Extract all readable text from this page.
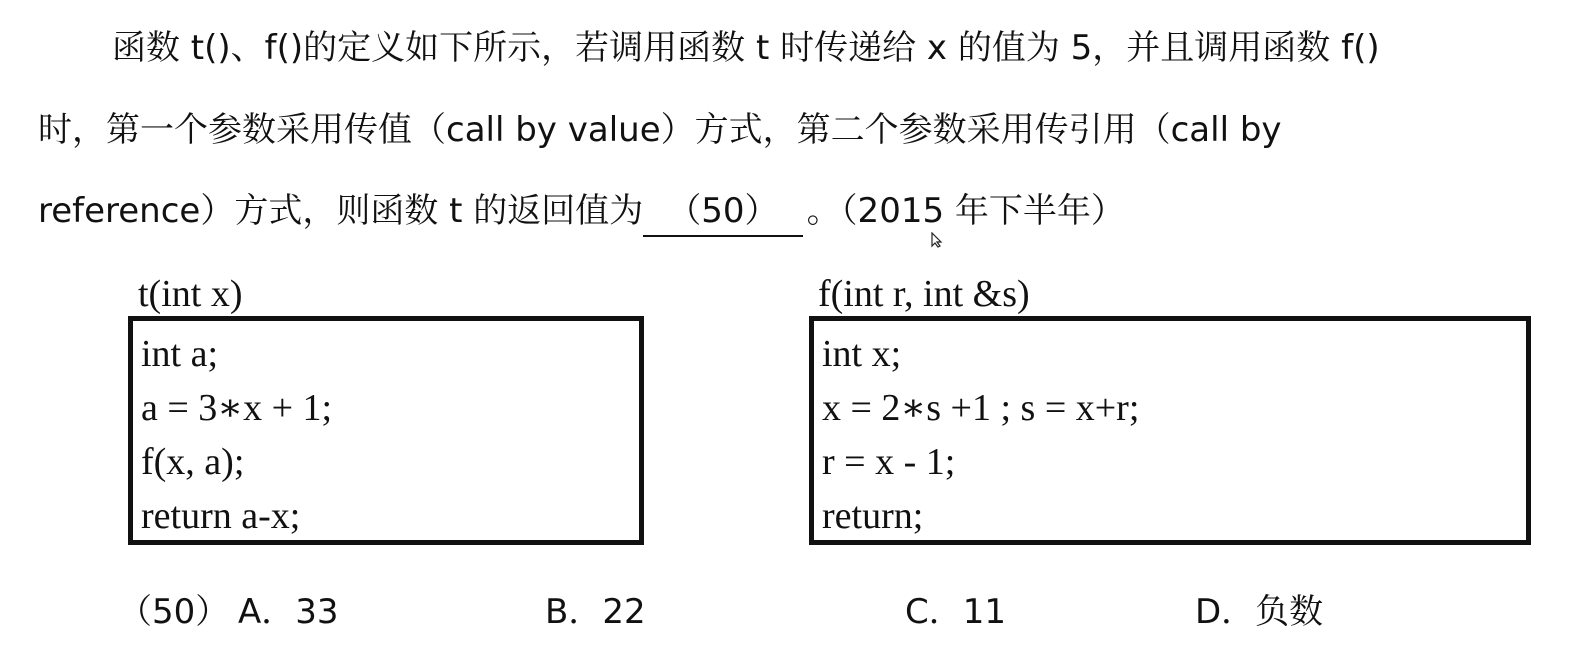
函数 t()、f()的定义如下所示，若调用函数 t 时传递给 x 的值为 5，并且调用函数 f()
时，第一个参数采用传值（call by value）方式，第二个参数采用传引用（call by
reference）方式，则函数 t 的返回值为 （50） 。（2015 年下半年）
t(int x)
int a;
a = 3∗x + 1;
f(x, a);
return a-x;
f(int r, int &s)
int x;
x = 2∗s +1 ; s = x+r;
r = x - 1;
return;
（50） A．33	B．22	C．11	D．负数
